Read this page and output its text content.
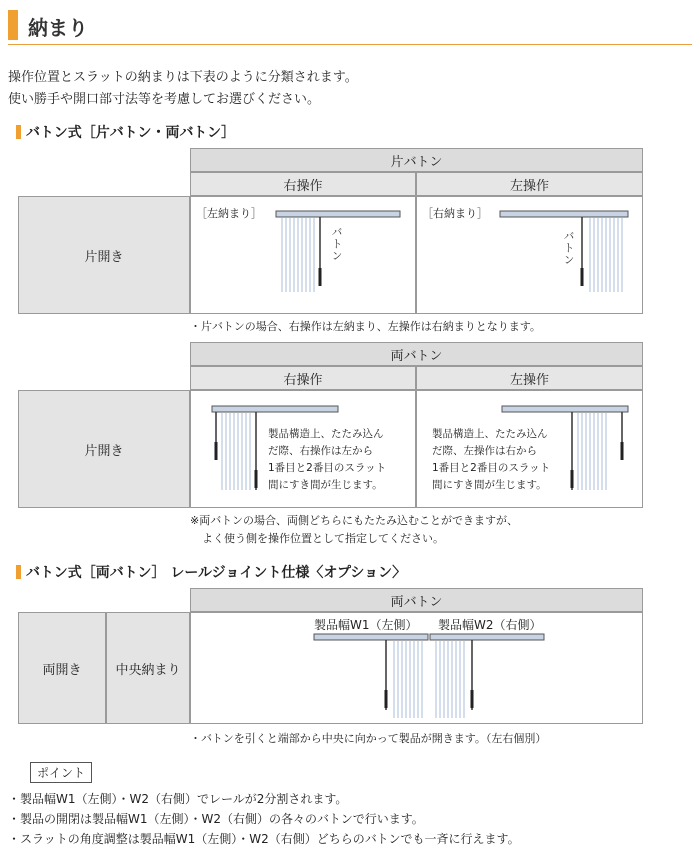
納まり
操作位置とスラットの納まりは下表のように分類されます。
使い勝手や開口部寸法等を考慮してお選びください。
バトン式［片バトン・両バトン］
片バトン
右操作	左操作
片開き
［左納まり］	［右納まり］
バトン	バトン
・片バトンの場合、右操作は左納まり、左操作は右納まりとなります。
両バトン
右操作	左操作
片開き
製品構造上、たたみ込ん
だ際、右操作は左から
1番目と2番目のスラット
間にすき間が生じます。
製品構造上、たたみ込ん
だ際、左操作は右から
1番目と2番目のスラット
間にすき間が生じます。
※両バトンの場合、両側どちらにもたたみ込むことができますが、
よく使う側を操作位置として指定してください。
バトン式［両バトン］ レールジョイント仕様〈オプション〉
両バトン
両開き	中央納まり
製品幅W1（左側） 製品幅W2（右側）
・バトンを引くと端部から中央に向かって製品が開きます。（左右個別）
ポイント
・製品幅W1（左側）・W2（右側）でレールが2分割されます。
・製品の開閉は製品幅W1（左側）・W2（右側）の各々のバトンで行います。
・スラットの角度調整は製品幅W1（左側）・W2（右側）どちらのバトンでも一斉に行えます。
